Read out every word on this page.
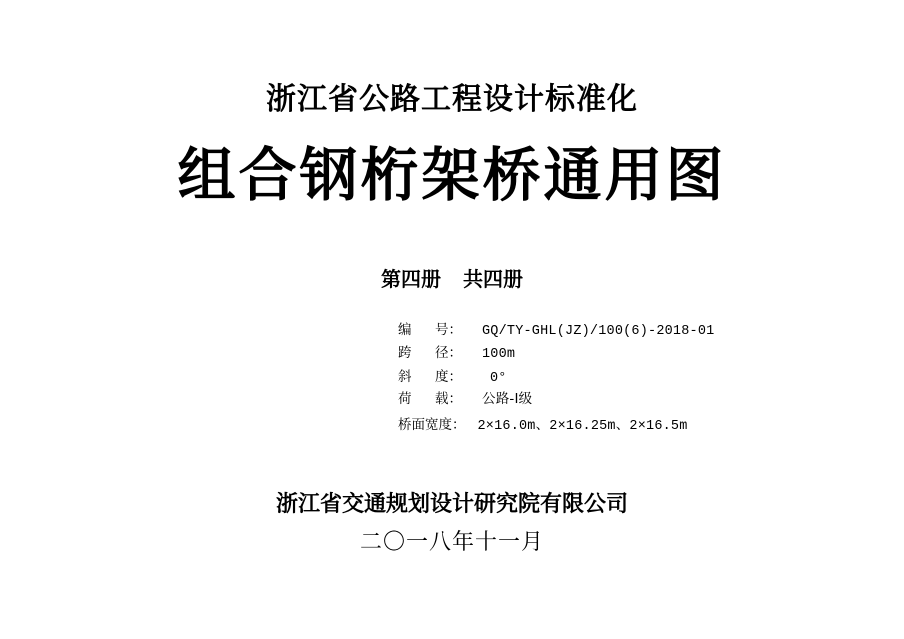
浙江省公路工程设计标准化
组合钢桁架桥通用图
第四册 共四册
编 号： GQ/TY-GHL(JZ)/100(6)-2018-01
跨 径： 100m
斜 度： 0°
荷 载： 公路-Ⅰ级
桥面宽度： 2×16.0m、2×16.25m、2×16.5m
浙江省交通规划设计研究院有限公司
二〇一八年十一月
